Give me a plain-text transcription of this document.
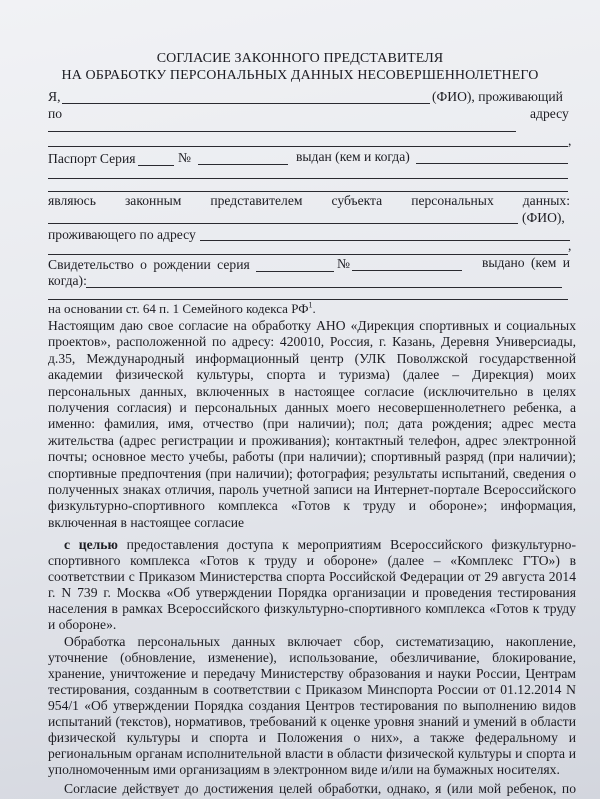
СОГЛАСИЕ ЗАКОННОГО ПРЕДСТАВИТЕЛЯ
НА ОБРАБОТКУ ПЕРСОНАЛЬНЫХ ДАННЫХ НЕСОВЕРШЕННОЛЕТНЕГО
Я,	(ФИО), проживающий
по	адресу
,
Паспорт Серия	№	выдан (кем и когда)
являюсь законным представителем субъекта персональных данных:
(ФИО),
проживающего по адресу
,
Свидетельство о рождении серия	№	выдано (кем и
когда):
на основании ст. 64 п. 1 Семейного кодекса $РФ^1$.
Настоящим даю свое согласие на обработку АНО «Дирекция спортивных и социальных
проектов», расположенной по адресу: 420010, Россия, г. Казань, Деревня Универсиады,
д.35, Международный информационный центр (УЛК Поволжской государственной
академии физической культуры, спорта и туризма) (далее – Дирекция) моих
персональных данных, включенных в настоящее согласие (исключительно в целях
получения согласия) и персональных данных моего несовершеннолетнего ребенка, а
именно: фамилия, имя, отчество (при наличии); пол; дата рождения; адрес места
жительства (адрес регистрации и проживания); контактный телефон, адрес электронной
почты; основное место учебы, работы (при наличии); спортивный разряд (при наличии);
спортивные предпочтения (при наличии); фотография; результаты испытаний, сведения о
полученных знаках отличия, пароль учетной записи на Интернет-портале Всероссийского
физкультурно-спортивного комплекса «Готов к труду и обороне»; информация,
включенная в настоящее согласие
с целью предоставления доступа к мероприятиям Всероссийского физкультурно-
спортивного комплекса «Готов к труду и обороне» (далее – «Комплекс ГТО») в
соответствии с Приказом Министерства спорта Российской Федерации от 29 августа 2014
г. N 739 г. Москва «Об утверждении Порядка организации и проведения тестирования
населения в рамках Всероссийского физкультурно-спортивного комплекса «Готов к труду
и обороне».
Обработка персональных данных включает сбор, систематизацию, накопление,
уточнение (обновление, изменение), использование, обезличивание, блокирование,
хранение, уничтожение и передачу Министерству образования и науки России, Центрам
тестирования, созданным в соответствии с Приказом Минспорта России от 01.12.2014 N
954/1 «Об утверждении Порядка создания Центров тестирования по выполнению видов
испытаний (текстов), нормативов, требований к оценке уровня знаний и умений в области
физической культуры и спорта и Положения о них», а также федеральному и
региональным органам исполнительной власти в области физической культуры и спорта и
уполномоченным ими организациям в электронном виде и/или на бумажных носителях.
Согласие действует до достижения целей обработки, однако, я (или мой ребенок, по
